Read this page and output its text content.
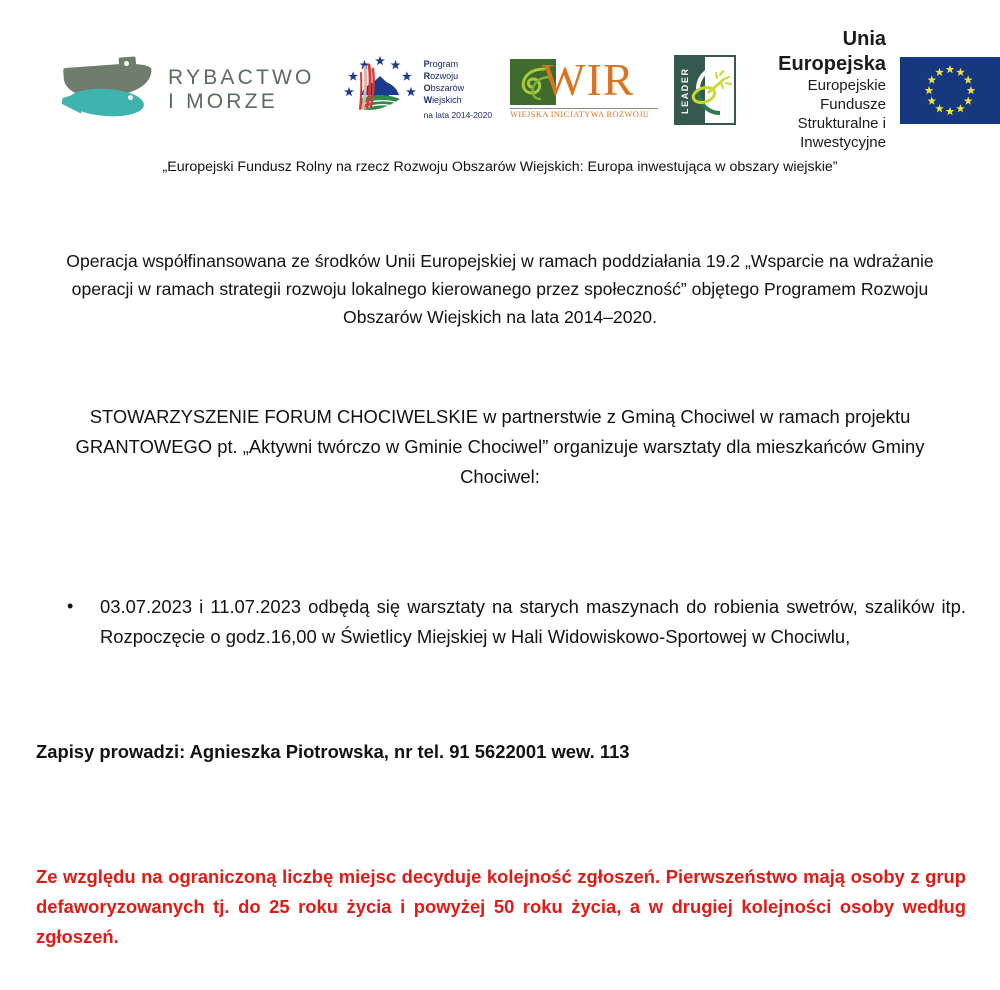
RYBACTWO
I MORZE
Program
Rozwoju
Obszarów
Wiejskich
na lata 2014-2020
WIR
WIEJSKA INICJATYWA ROZWOJU
LEADER
Unia Europejska
Europejskie Fundusze
Strukturalne i Inwestycyjne
„Europejski Fundusz Rolny na rzecz Rozwoju Obszarów Wiejskich: Europa inwestująca w obszary wiejskie”
Operacja współfinansowana ze środków Unii Europejskiej w ramach poddziałania 19.2 „Wsparcie na wdrażanie operacji w ramach strategii rozwoju lokalnego kierowanego przez społeczność” objętego Programem Rozwoju Obszarów Wiejskich na lata 2014–2020.
STOWARZYSZENIE FORUM CHOCIWELSKIE w partnerstwie z Gminą Chociwel w ramach projektu GRANTOWEGO pt. „Aktywni twórczo w Gminie Chociwel” organizuje warsztaty dla mieszkańców Gminy Chociwel:
• 03.07.2023 i 11.07.2023 odbędą się warsztaty na starych maszynach do robienia swetrów, szalików itp. Rozpoczęcie o godz.16,00 w Świetlicy Miejskiej w Hali Widowiskowo-Sportowej w Chociwlu,
Zapisy prowadzi: Agnieszka Piotrowska, nr tel. 91 5622001 wew. 113
Ze względu na ograniczoną liczbę miejsc decyduje kolejność zgłoszeń. Pierwszeństwo mają osoby z grup defaworyzowanych tj. do 25 roku życia i powyżej 50 roku życia, a w drugiej kolejności osoby według zgłoszeń.
